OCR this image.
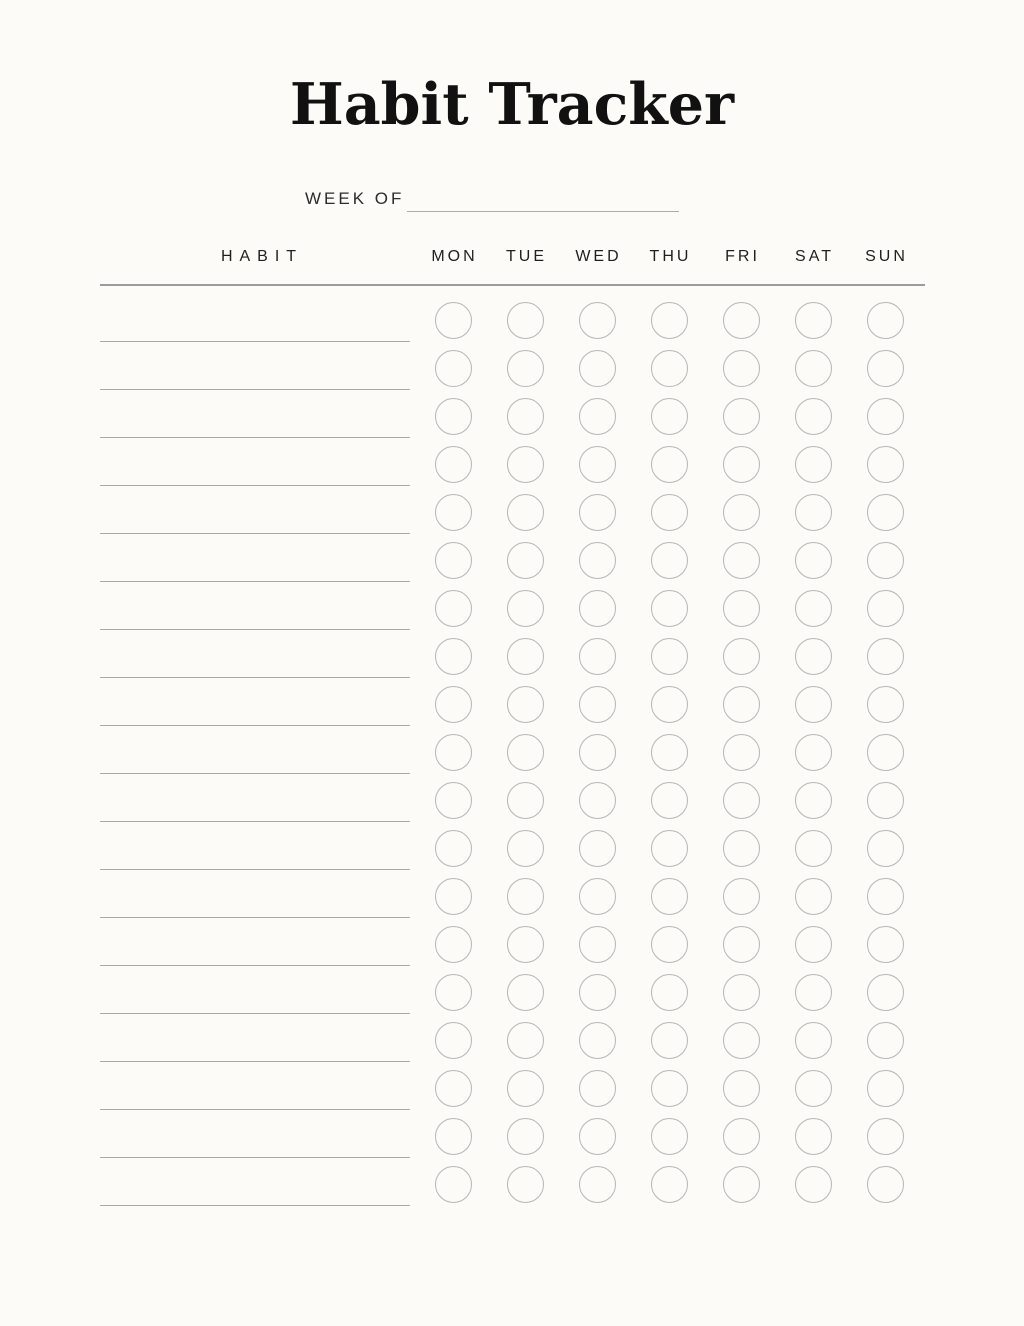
Habit Tracker
WEEK OF
HABIT	MON	TUE	WED	THU	FRI	SAT	SUN
